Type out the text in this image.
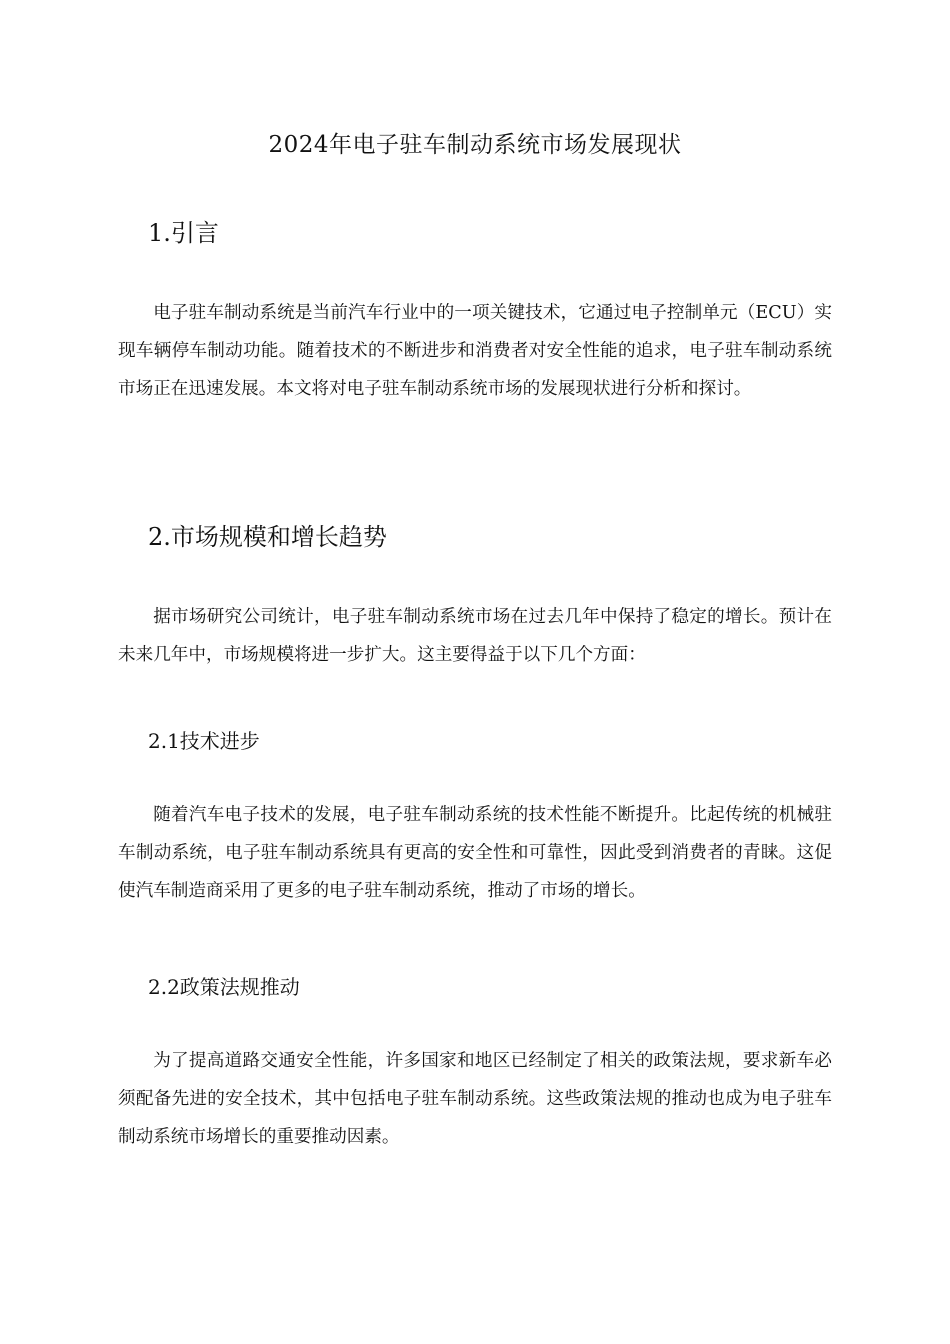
2024年电子驻车制动系统市场发展现状
1.引言

电子驻车制动系统是当前汽车行业中的一项关键技术，它通过电子控制单元（ECU）实现车辆停车制动功能。随着技术的不断进步和消费者对安全性能的追求，电子驻车制动系统市场正在迅速发展。本文将对电子驻车制动系统市场的发展现状进行分析和探讨。

2.市场规模和增长趋势

据市场研究公司统计，电子驻车制动系统市场在过去几年中保持了稳定的增长。预计在未来几年中，市场规模将进一步扩大。这主要得益于以下几个方面：

2.1技术进步

随着汽车电子技术的发展，电子驻车制动系统的技术性能不断提升。比起传统的机械驻车制动系统，电子驻车制动系统具有更高的安全性和可靠性，因此受到消费者的青睐。这促使汽车制造商采用了更多的电子驻车制动系统，推动了市场的增长。

2.2政策法规推动

为了提高道路交通安全性能，许多国家和地区已经制定了相关的政策法规，要求新车必须配备先进的安全技术，其中包括电子驻车制动系统。这些政策法规的推动也成为电子驻车制动系统市场增长的重要推动因素。
